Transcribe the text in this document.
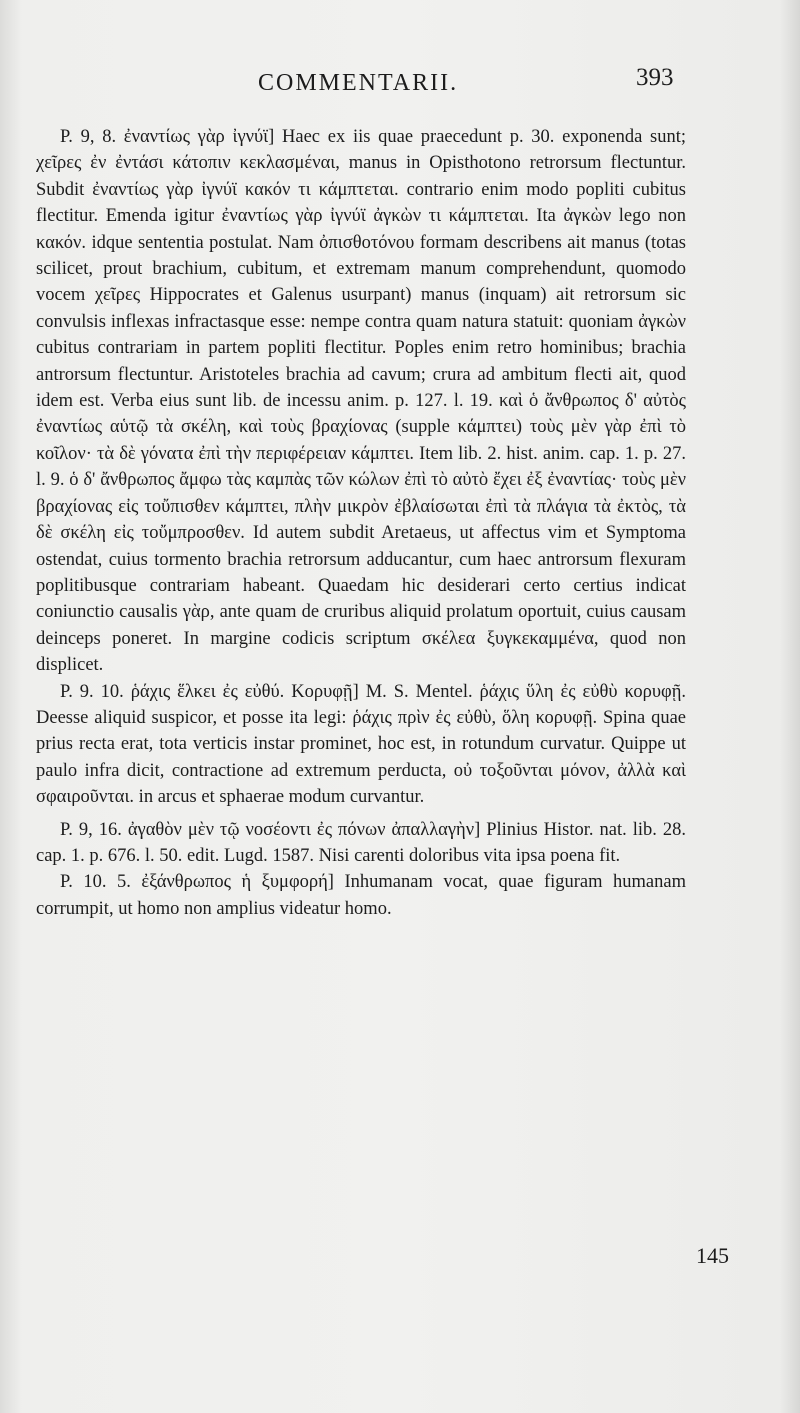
COMMENTARII.	393

P. 9, 8. ἐναντίως γὰρ ἰγνύϊ] Haec ex iis quae praecedunt p. 30. exponenda sunt; χεῖρες ἐν ἐντάσι κάτοπιν κεκλασμέναι, manus in Opisthotono retrorsum flectuntur. Subdit ἐναντίως γὰρ ἰγνύϊ κακόν τι κάμπτεται. contrario enim modo popliti cubitus flectitur. Emenda igitur ἐναντίως γὰρ ἰγνύϊ ἀγκὼν τι κάμπτεται. Ita ἀγκὼν lego non κακόν. idque sententia postulat. Nam ὀπισθοτόνου formam describens ait manus (totas scilicet, prout brachium, cubitum, et extremam manum comprehendunt, quomodo vocem χεῖρες Hippocrates et Galenus usurpant) manus (inquam) ait retrorsum sic convulsis inflexas infractasque esse: nempe contra quam natura statuit: quoniam ἀγκὼν cubitus contrariam in partem popliti flectitur. Poples enim retro hominibus; brachia antrorsum flectuntur. Aristoteles brachia ad cavum; crura ad ambitum flecti ait, quod idem est. Verba eius sunt lib. de incessu anim. p. 127. l. 19. καὶ ὁ ἄνθρωπος δ' αὐτὸς ἐναντίως αὑτῷ τὰ σκέλη, καὶ τοὺς βραχίονας (supple κάμπτει) τοὺς μὲν γὰρ ἐπὶ τὸ κοῖλον· τὰ δὲ γόνατα ἐπὶ τὴν περιφέρειαν κάμπτει. Item lib. 2. hist. anim. cap. 1. p. 27. l. 9. ὁ δ' ἄνθρωπος ἄμφω τὰς καμπὰς τῶν κώλων ἐπὶ τὸ αὐτὸ ἔχει ἐξ ἐναντίας· τοὺς μὲν βραχίονας εἰς τοὔπισθεν κάμπτει, πλὴν μικρὸν ἐβλαίσωται ἐπὶ τὰ πλάγια τὰ ἐκτὸς, τὰ δὲ σκέλη εἰς τοὔμπροσθεν. Id autem subdit Aretaeus, ut affectus vim et Symptoma ostendat, cuius tormento brachia retrorsum adducantur, cum haec antrorsum flexuram poplitibusque contrariam habeant. Quaedam hic desiderari certo certius indicat coniunctio causalis γὰρ, ante quam de cruribus aliquid prolatum oportuit, cuius causam deinceps poneret. In margine codicis scriptum σκέλεα ξυγκεκαμμένα, quod non displicet.

P. 9. 10. ῥάχις ἕλκει ἐς εὐθύ. Κορυφῇ] M. S. Mentel. ῥάχις ὕλη ἐς εὐθὺ κορυφῇ. Deesse aliquid suspicor, et posse ita legi: ῥάχις πρὶν ἐς εὐθὺ, ὅλη κορυφῇ. Spina quae prius recta erat, tota verticis instar prominet, hoc est, in rotundum curvatur. Quippe ut paulo infra dicit, contractione ad extremum perducta, οὐ τοξοῦνται μόνον, ἀλλὰ καὶ σφαιροῦνται. in arcus et sphaerae modum curvantur.

P. 9, 16. ἀγαθὸν μὲν τῷ νοσέοντι ἐς πόνων ἀπαλλαγὴν] Plinius Histor. nat. lib. 28. cap. 1. p. 676. l. 50. edit. Lugd. 1587. Nisi carenti doloribus vita ipsa poena fit.

P. 10. 5. ἐξάνθρωπος ἡ ξυμφορή] Inhumanam vocat, quae figuram humanam corrumpit, ut homo non amplius videatur homo.

145
